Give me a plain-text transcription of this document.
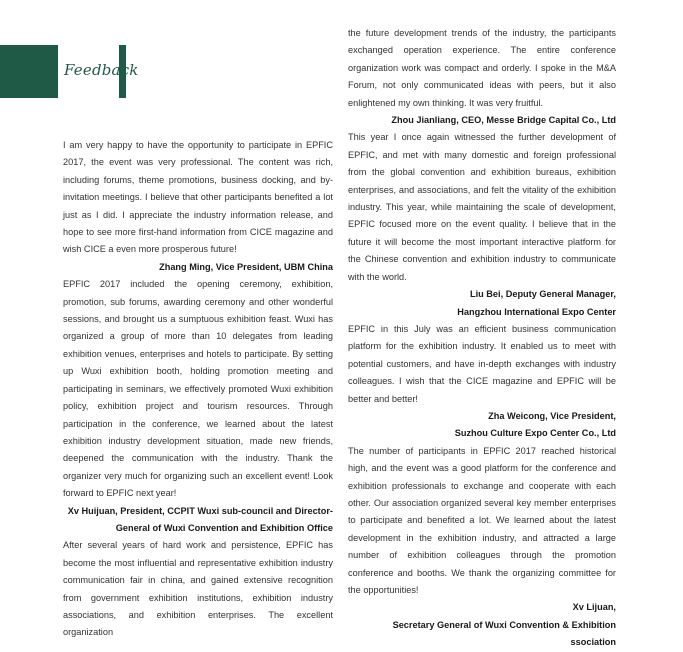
Feedback

I am very happy to have the opportunity to participate in EPFIC 2017, the event was very professional. The content was rich, including forums, theme promotions, business docking, and by-invitation meetings. I believe that other participants benefited a lot just as I did. I appreciate the industry information release, and hope to see more first-hand information from CICE magazine and wish CICE a even more prosperous future!

Zhang Ming, Vice President, UBM China

EPFIC 2017 included the opening ceremony, exhibition, promotion, sub forums, awarding ceremony and other wonderful sessions, and brought us a sumptuous exhibition feast. Wuxi has organized a group of more than 10 delegates from leading exhibition venues, enterprises and hotels to participate. By setting up Wuxi exhibition booth, holding promotion meeting and participating in seminars, we effectively promoted Wuxi exhibition policy, exhibition project and tourism resources. Through participation in the conference, we learned about the latest exhibition industry development situation, made new friends, deepened the communication with the industry. Thank the organizer very much for organizing such an excellent event! Look forward to EPFIC next year!

Xv Huijuan, President, CCPIT Wuxi sub-council and Director-

General of Wuxi Convention and Exhibition Office

After several years of hard work and persistence, EPFIC has become the most influential and representative exhibition industry communication fair in china, and gained extensive recognition from government exhibition institutions, exhibition industry associations, and exhibition enterprises. The excellent organization

the future development trends of the industry, the participants exchanged operation experience. The entire conference organization work was compact and orderly. I spoke in the M&A Forum, not only communicated ideas with peers, but it also enlightened my own thinking. It was very fruitful.

Zhou Jianliang, CEO, Messe Bridge Capital Co., Ltd

This year I once again witnessed the further development of EPFIC, and met with many domestic and foreign professional from the global convention and exhibition bureaus, exhibition enterprises, and associations, and felt the vitality of the exhibition industry. This year, while maintaining the scale of development, EPFIC focused more on the event quality. I believe that in the future it will become the most important interactive platform for the Chinese convention and exhibition industry to communicate with the world.

Liu Bei, Deputy General Manager,

Hangzhou International Expo Center

EPFIC in this July was an efficient business communication platform for the exhibition industry. It enabled us to meet with potential customers, and have in-depth exchanges with industry colleagues. I wish that the CICE magazine and EPFIC will be better and better!

Zha Weicong, Vice President,

Suzhou Culture Expo Center Co., Ltd

The number of participants in EPFIC 2017 reached historical high, and the event was a good platform for the conference and exhibition professionals to exchange and cooperate with each other. Our association organized several key member enterprises to participate and benefited a lot. We learned about the latest development in the exhibition industry, and attracted a large number of exhibition colleagues through the promotion conference and booths. We thank the organizing committee for the opportunities!

Xv Lijuan,

Secretary General of Wuxi Convention & Exhibition ssociation
